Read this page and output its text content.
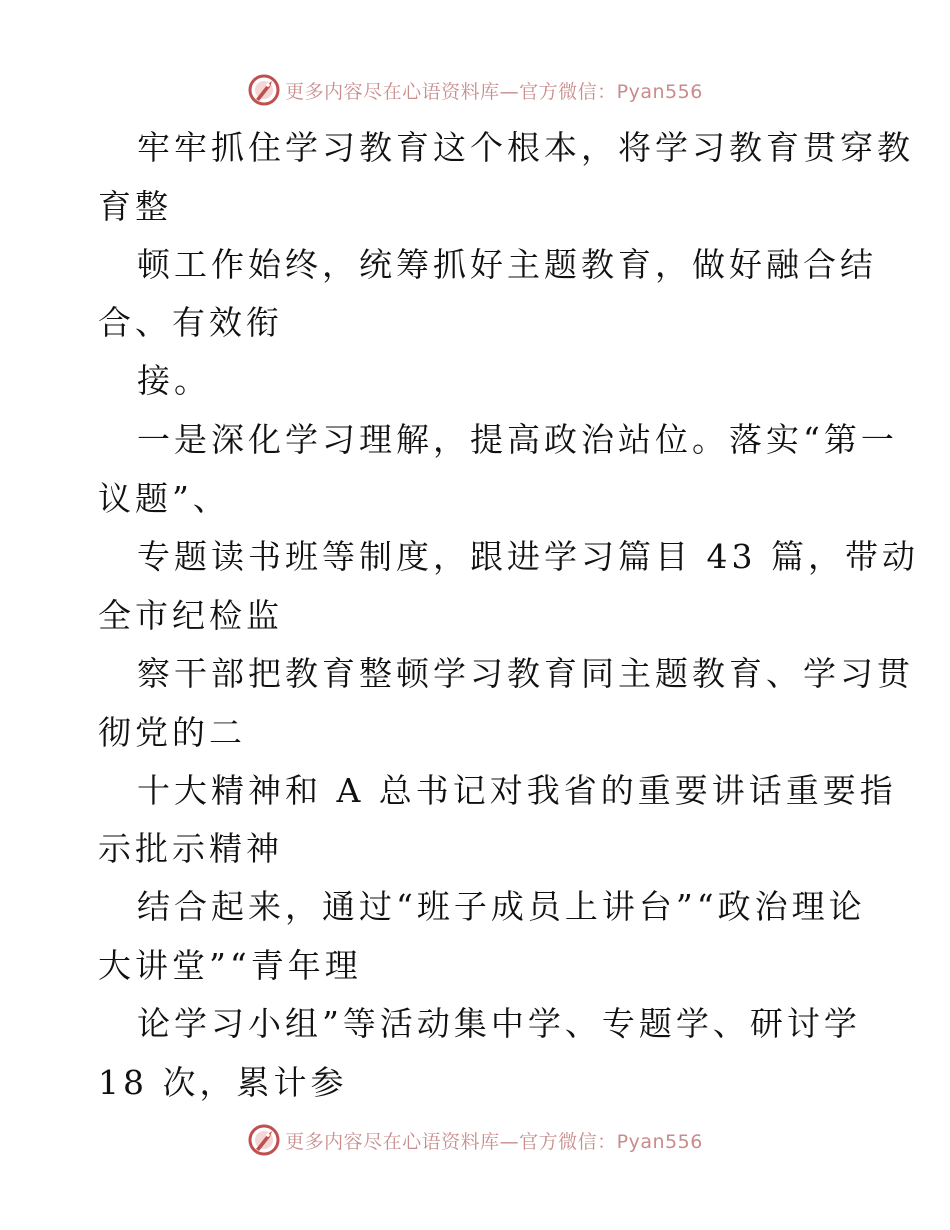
更多内容尽在心语资料库—官方微信：Pyan556
牢牢抓住学习教育这个根本，将学习教育贯穿教
育整
顿工作始终，统筹抓好主题教育，做好融合结
合、有效衔
接。
一是深化学习理解，提高政治站位。落实“第一
议题”、
专题读书班等制度，跟进学习篇目 43 篇，带动
全市纪检监
察干部把教育整顿学习教育同主题教育、学习贯
彻党的二
十大精神和 A 总书记对我省的重要讲话重要指
示批示精神
结合起来，通过“班子成员上讲台”“政治理论
大讲堂”“青年理
论学习小组”等活动集中学、专题学、研讨学
18 次，累计参
更多内容尽在心语资料库—官方微信：Pyan556
